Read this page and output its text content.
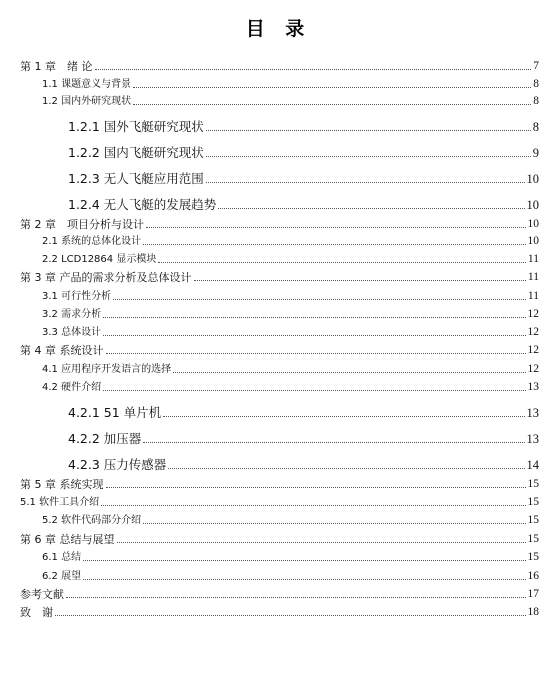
目 录
第 1 章　绪 论	7
1.1 课题意义与背景	8
1.2 国内外研究现状	8
1.2.1 国外飞艇研究现状	8
1.2.2 国内飞艇研究现状	9
1.2.3 无人飞艇应用范围	10
1.2.4 无人飞艇的发展趋势	10
第 2 章　项目分析与设计	10
2.1 系统的总体化设计	10
2.2 LCD12864 显示模块	11
第 3 章 产品的需求分析及总体设计	11
3.1 可行性分析	11
3.2 需求分析	12
3.3 总体设计	12
第 4 章 系统设计	12
4.1 应用程序开发语言的选择	12
4.2 硬件介绍	13
4.2.1 51 单片机	13
4.2.2 加压器	13
4.2.3 压力传感器	14
第 5 章 系统实现	15
5.1 软件工具介绍	15
5.2 软件代码部分介绍	15
第 6 章 总结与展望	15
6.1 总结	15
6.2 展望	16
参考文献	17
致　谢	18
